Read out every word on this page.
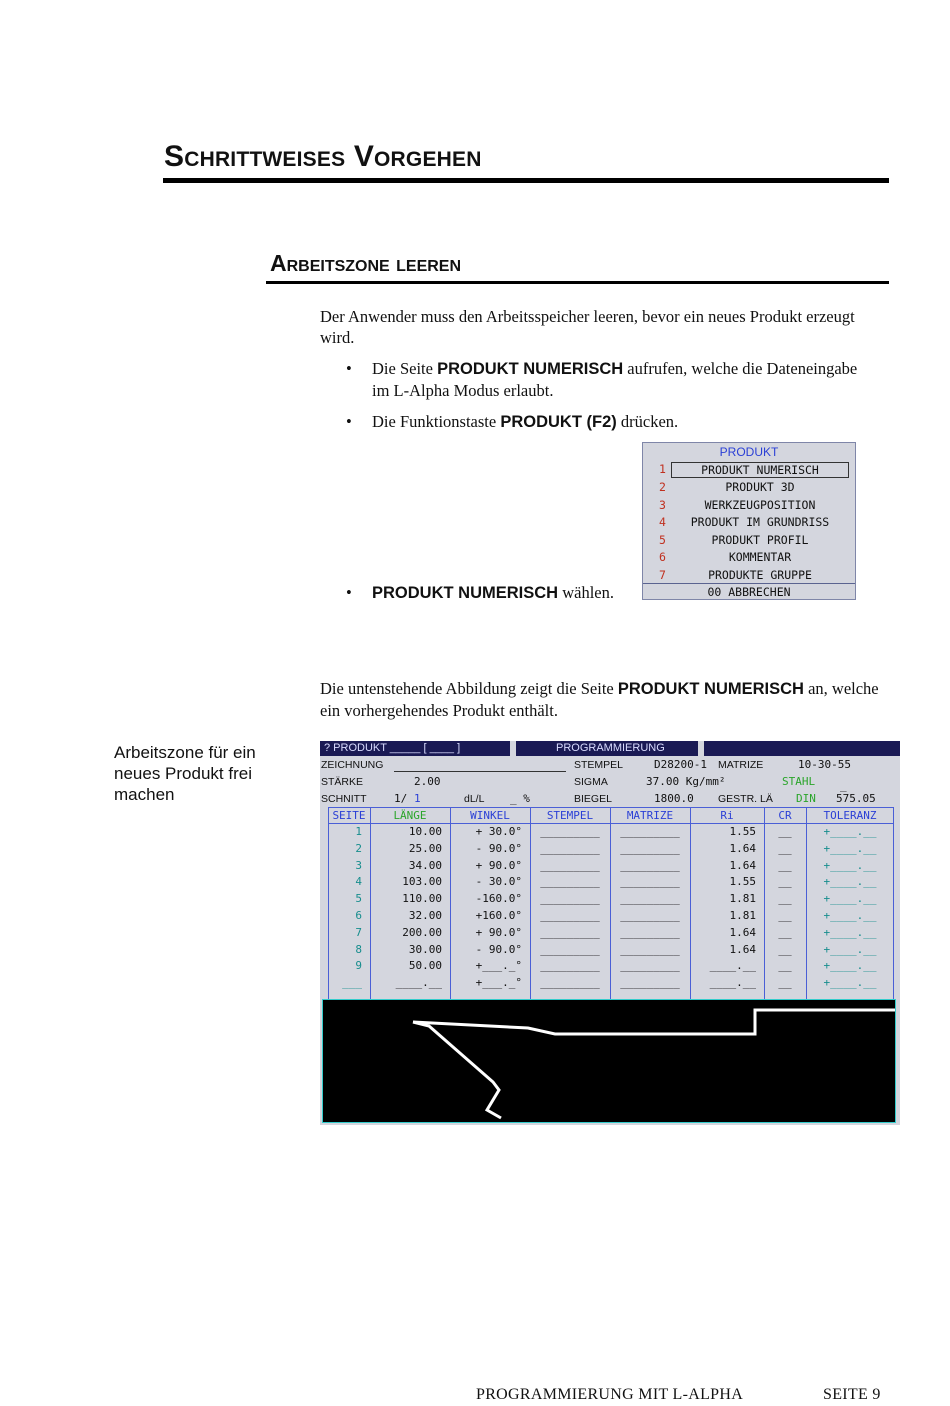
Schrittweises Vorgehen
Arbeitszone leeren
Der Anwender muss den Arbeitsspeicher leeren, bevor ein neues Produkt erzeugt wird.
• Die Seite PRODUKT NUMERISCH aufrufen, welche die Dateneingabe im L-Alpha Modus erlaubt.
• Die Funktionstaste PRODUKT (F2) drücken.
• PRODUKT NUMERISCH wählen.
PRODUKT
1	PRODUKT NUMERISCH
2	PRODUKT 3D
3	WERKZEUGPOSITION
4	PRODUKT IM GRUNDRISS
5	PRODUKT PROFIL
6	KOMMENTAR
7	PRODUKTE GRUPPE
00 ABBRECHEN
Die untenstehende Abbildung zeigt die Seite PRODUKT NUMERISCH an, welche ein vorhergehendes Produkt enthält.
Arbeitszone für ein neues Produkt frei machen
? PRODUKT _____ [ ____ ]	PROGRAMMIERUNG
ZEICHNUNG	STEMPEL	D28200-1 MATRIZE	10-30-55
STÄRKE	2.00	SIGMA	37.00 Kg/mm²	STAHL _
SCHNITT	1/ 1	dL/L _ %	BIEGEL	1800.0 GESTR. LÄ DIN 575.05
SEITE	LÄNGE	WINKEL	STEMPEL	MATRIZE	Ri	CR	TOLERANZ
1	10.00	+ 30.0°	_________	_________	1.55	__	+____.__
2	25.00	- 90.0°	_________	_________	1.64	__	+____.__
3	34.00	+ 90.0°	_________	_________	1.64	__	+____.__
4	103.00	- 30.0°	_________	_________	1.55	__	+____.__
5	110.00	-160.0°	_________	_________	1.81	__	+____.__
6	32.00	+160.0°	_________	_________	1.81	__	+____.__
7	200.00	+ 90.0°	_________	_________	1.64	__	+____.__
8	30.00	- 90.0°	_________	_________	1.64	__	+____.__
9	50.00	+___._°	_________	_________	____.__	__	+____.__
___	____.__	+___._°	_________	_________	____.__	__	+____.__
PROGRAMMIERUNG MIT L-ALPHA	SEITE 9
